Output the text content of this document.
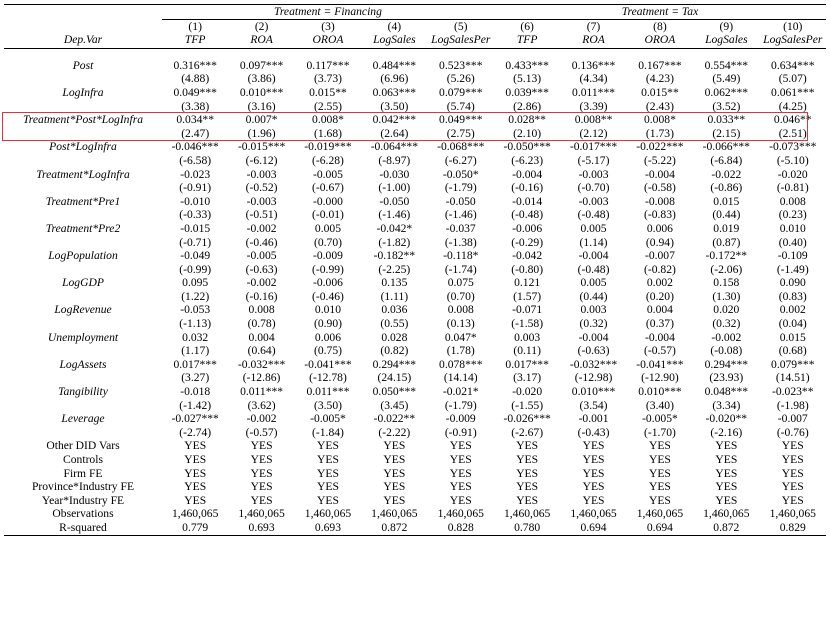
	Treatment = Financing					Treatment = Tax				
	(1)	(2)	(3)	(4)	(5)	(6)	(7)	(8)	(9)	(10)
Dep.Var	TFP	ROA	OROA	LogSales	LogSalesPer	TFP	ROA	OROA	LogSales	LogSalesPer

Post	0.316***	0.097***	0.117***	0.484***	0.523***	0.433***	0.136***	0.167***	0.554***	0.634***
	(4.88)	(3.86)	(3.73)	(6.96)	(5.26)	(5.13)	(4.34)	(4.23)	(5.49)	(5.07)
LogInfra	0.049***	0.010***	0.015**	0.063***	0.079***	0.039***	0.011***	0.015**	0.062***	0.061***
	(3.38)	(3.16)	(2.55)	(3.50)	(5.74)	(2.86)	(3.39)	(2.43)	(3.52)	(4.25)
Treatment*Post*LogInfra	0.034**	0.007*	0.008*	0.042***	0.049***	0.028**	0.008**	0.008*	0.033**	0.046**
	(2.47)	(1.96)	(1.68)	(2.64)	(2.75)	(2.10)	(2.12)	(1.73)	(2.15)	(2.51)
Post*LogInfra	-0.046***	-0.015***	-0.019***	-0.064***	-0.068***	-0.050***	-0.017***	-0.022***	-0.066***	-0.073***
	(-6.58)	(-6.12)	(-6.28)	(-8.97)	(-6.27)	(-6.23)	(-5.17)	(-5.22)	(-6.84)	(-5.10)
Treatment*LogInfra	-0.023	-0.003	-0.005	-0.030	-0.050*	-0.004	-0.003	-0.004	-0.022	-0.020
	(-0.91)	(-0.52)	(-0.67)	(-1.00)	(-1.79)	(-0.16)	(-0.70)	(-0.58)	(-0.86)	(-0.81)
Treatment*Pre1	-0.010	-0.003	-0.000	-0.050	-0.050	-0.014	-0.003	-0.008	0.015	0.008
	(-0.33)	(-0.51)	(-0.01)	(-1.46)	(-1.46)	(-0.48)	(-0.48)	(-0.83)	(0.44)	(0.23)
Treatment*Pre2	-0.015	-0.002	0.005	-0.042*	-0.037	-0.006	0.005	0.006	0.019	0.010
	(-0.71)	(-0.46)	(0.70)	(-1.82)	(-1.38)	(-0.29)	(1.14)	(0.94)	(0.87)	(0.40)
LogPopulation	-0.049	-0.005	-0.009	-0.182**	-0.118*	-0.042	-0.004	-0.007	-0.172**	-0.109
	(-0.99)	(-0.63)	(-0.99)	(-2.25)	(-1.74)	(-0.80)	(-0.48)	(-0.82)	(-2.06)	(-1.49)
LogGDP	0.095	-0.002	-0.006	0.135	0.075	0.121	0.005	0.002	0.158	0.090
	(1.22)	(-0.16)	(-0.46)	(1.11)	(0.70)	(1.57)	(0.44)	(0.20)	(1.30)	(0.83)
LogRevenue	-0.053	0.008	0.010	0.036	0.008	-0.071	0.003	0.004	0.020	0.002
	(-1.13)	(0.78)	(0.90)	(0.55)	(0.13)	(-1.58)	(0.32)	(0.37)	(0.32)	(0.04)
Unemployment	0.032	0.004	0.006	0.028	0.047*	0.003	-0.004	-0.004	-0.002	0.015
	(1.17)	(0.64)	(0.75)	(0.82)	(1.78)	(0.11)	(-0.63)	(-0.57)	(-0.08)	(0.68)
LogAssets	0.017***	-0.032***	-0.041***	0.294***	0.078***	0.017***	-0.032***	-0.041***	0.294***	0.079***
	(3.27)	(-12.86)	(-12.78)	(24.15)	(14.14)	(3.17)	(-12.98)	(-12.90)	(23.93)	(14.51)
Tangibility	-0.018	0.011***	0.011***	0.050***	-0.021*	-0.020	0.010***	0.010***	0.048***	-0.023**
	(-1.42)	(3.62)	(3.50)	(3.45)	(-1.79)	(-1.55)	(3.54)	(3.40)	(3.34)	(-1.98)
Leverage	-0.027***	-0.002	-0.005*	-0.022**	-0.009	-0.026***	-0.001	-0.005*	-0.020**	-0.007
	(-2.74)	(-0.57)	(-1.84)	(-2.22)	(-0.91)	(-2.67)	(-0.43)	(-1.70)	(-2.16)	(-0.76)
Other DID Vars	YES	YES	YES	YES	YES	YES	YES	YES	YES	YES
Controls	YES	YES	YES	YES	YES	YES	YES	YES	YES	YES
Firm FE	YES	YES	YES	YES	YES	YES	YES	YES	YES	YES
Province*Industry FE	YES	YES	YES	YES	YES	YES	YES	YES	YES	YES
Year*Industry FE	YES	YES	YES	YES	YES	YES	YES	YES	YES	YES
Observations	1,460,065	1,460,065	1,460,065	1,460,065	1,460,065	1,460,065	1,460,065	1,460,065	1,460,065	1,460,065
R-squared	0.779	0.693	0.693	0.872	0.828	0.780	0.694	0.694	0.872	0.829
